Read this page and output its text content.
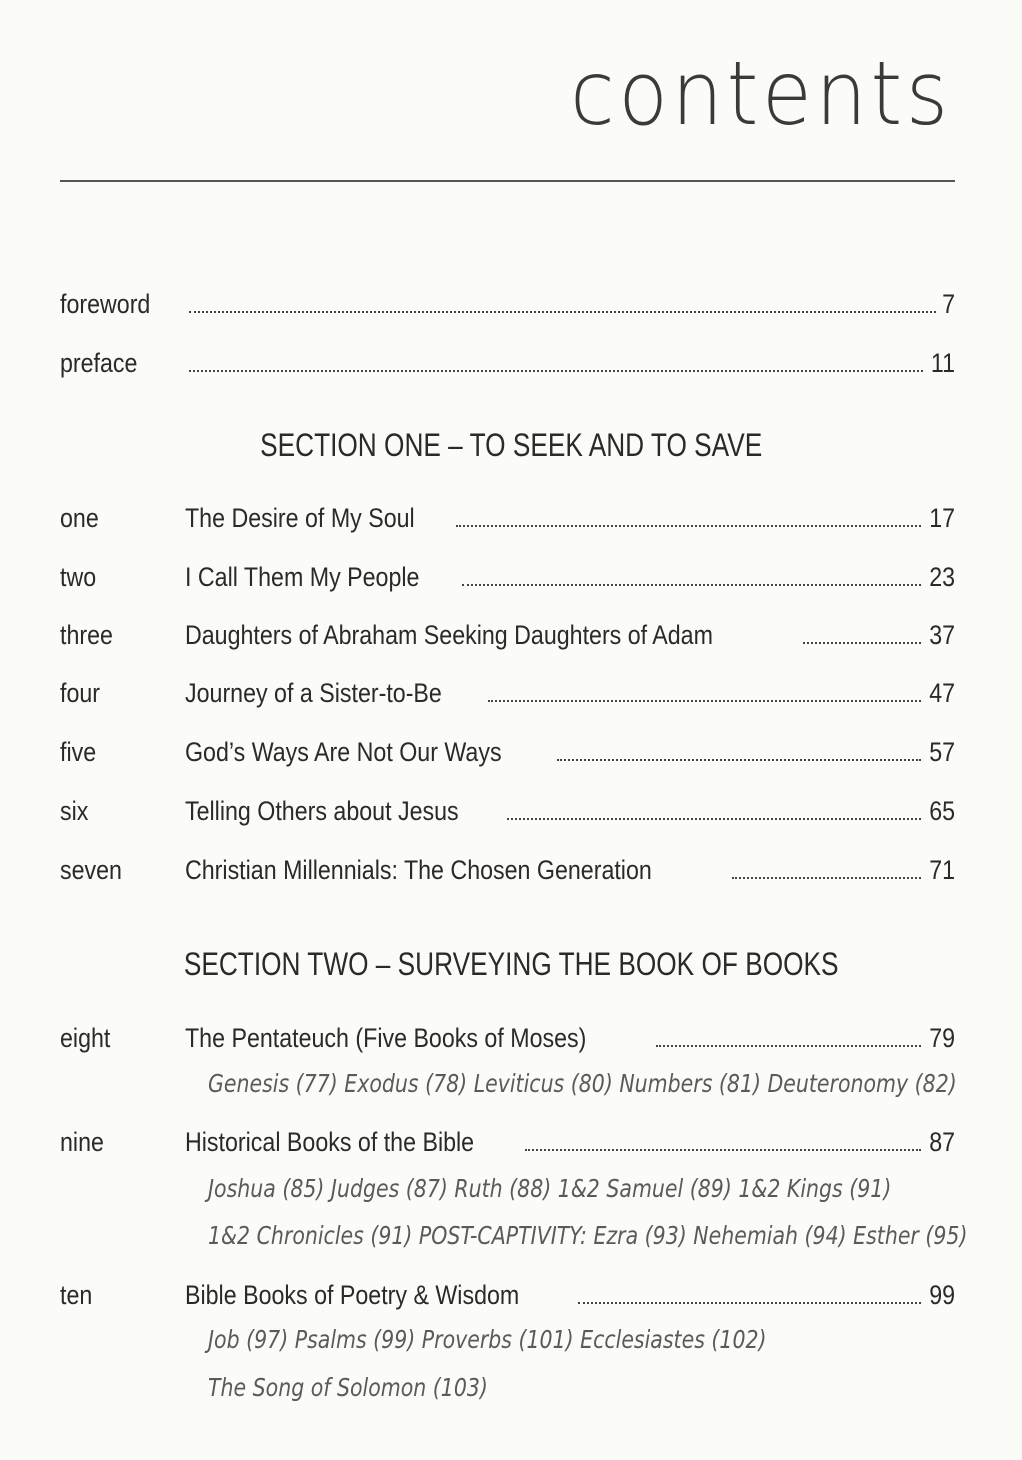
contents
foreword	7
preface	11
SECTION ONE – TO SEEK AND TO SAVE
one	The Desire of My Soul	17
two	I Call Them My People	23
three	Daughters of Abraham Seeking Daughters of Adam	37
four	Journey of a Sister-to-Be	47
five	God’s Ways Are Not Our Ways	57
six	Telling Others about Jesus	65
seven Christian Millennials: The Chosen Generation	71
SECTION TWO – SURVEYING THE BOOK OF BOOKS
eight	The Pentateuch (Five Books of Moses)	79
Genesis (77) Exodus (78) Leviticus (80) Numbers (81) Deuteronomy (82)
nine	Historical Books of the Bible	87
Joshua (85) Judges (87) Ruth (88) 1&2 Samuel (89) 1&2 Kings (91)
1&2 Chronicles (91) POST-CAPTIVITY: Ezra (93) Nehemiah (94) Esther (95)
ten	Bible Books of Poetry & Wisdom	99
Job (97) Psalms (99) Proverbs (101) Ecclesiastes (102)
The Song of Solomon (103)
